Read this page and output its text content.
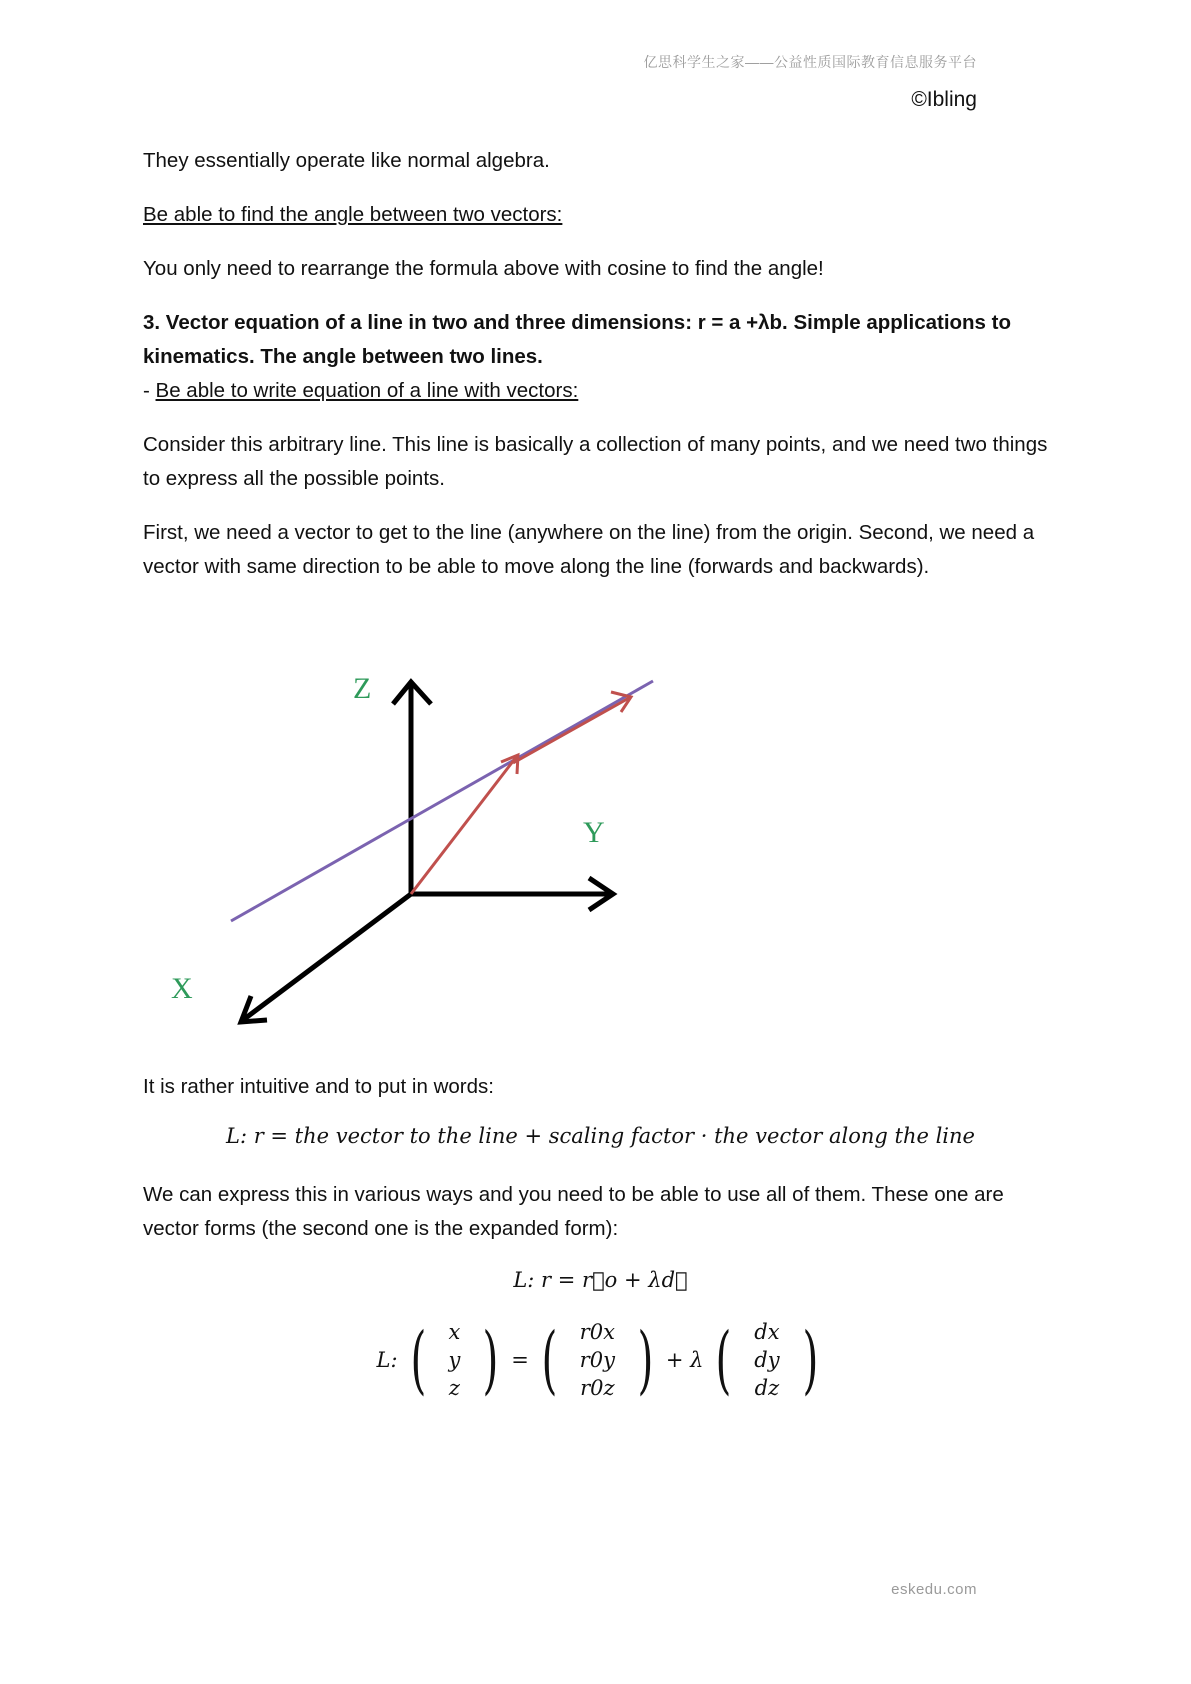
亿思科学生之家——公益性质国际教育信息服务平台
©Ibling
They essentially operate like normal algebra.
Be able to find the angle between two vectors:
You only need to rearrange the formula above with cosine to find the angle!
3. Vector equation of a line in two and three dimensions: r = a +λb. Simple applications to kinematics. The angle between two lines.
- Be able to write equation of a line with vectors:
Consider this arbitrary line. This line is basically a collection of many points, and we need two things to express all the possible points.
First, we need a vector to get to the line (anywhere on the line) from the origin. Second, we need a vector with same direction to be able to move along the line (forwards and backwards).
It is rather intuitive and to put in words:
L: r = the vector to the line + scaling factor · the vector along the line
We can express this in various ways and you need to be able to use all of them. These one are vector forms (the second one is the expanded form):
L: r = r⃗o + λd⃗
L: ( x
y
z ) = ( r0x
r0y
r0z ) + λ ( dx
dy
dz )
Z
Y
X
eskedu.com
